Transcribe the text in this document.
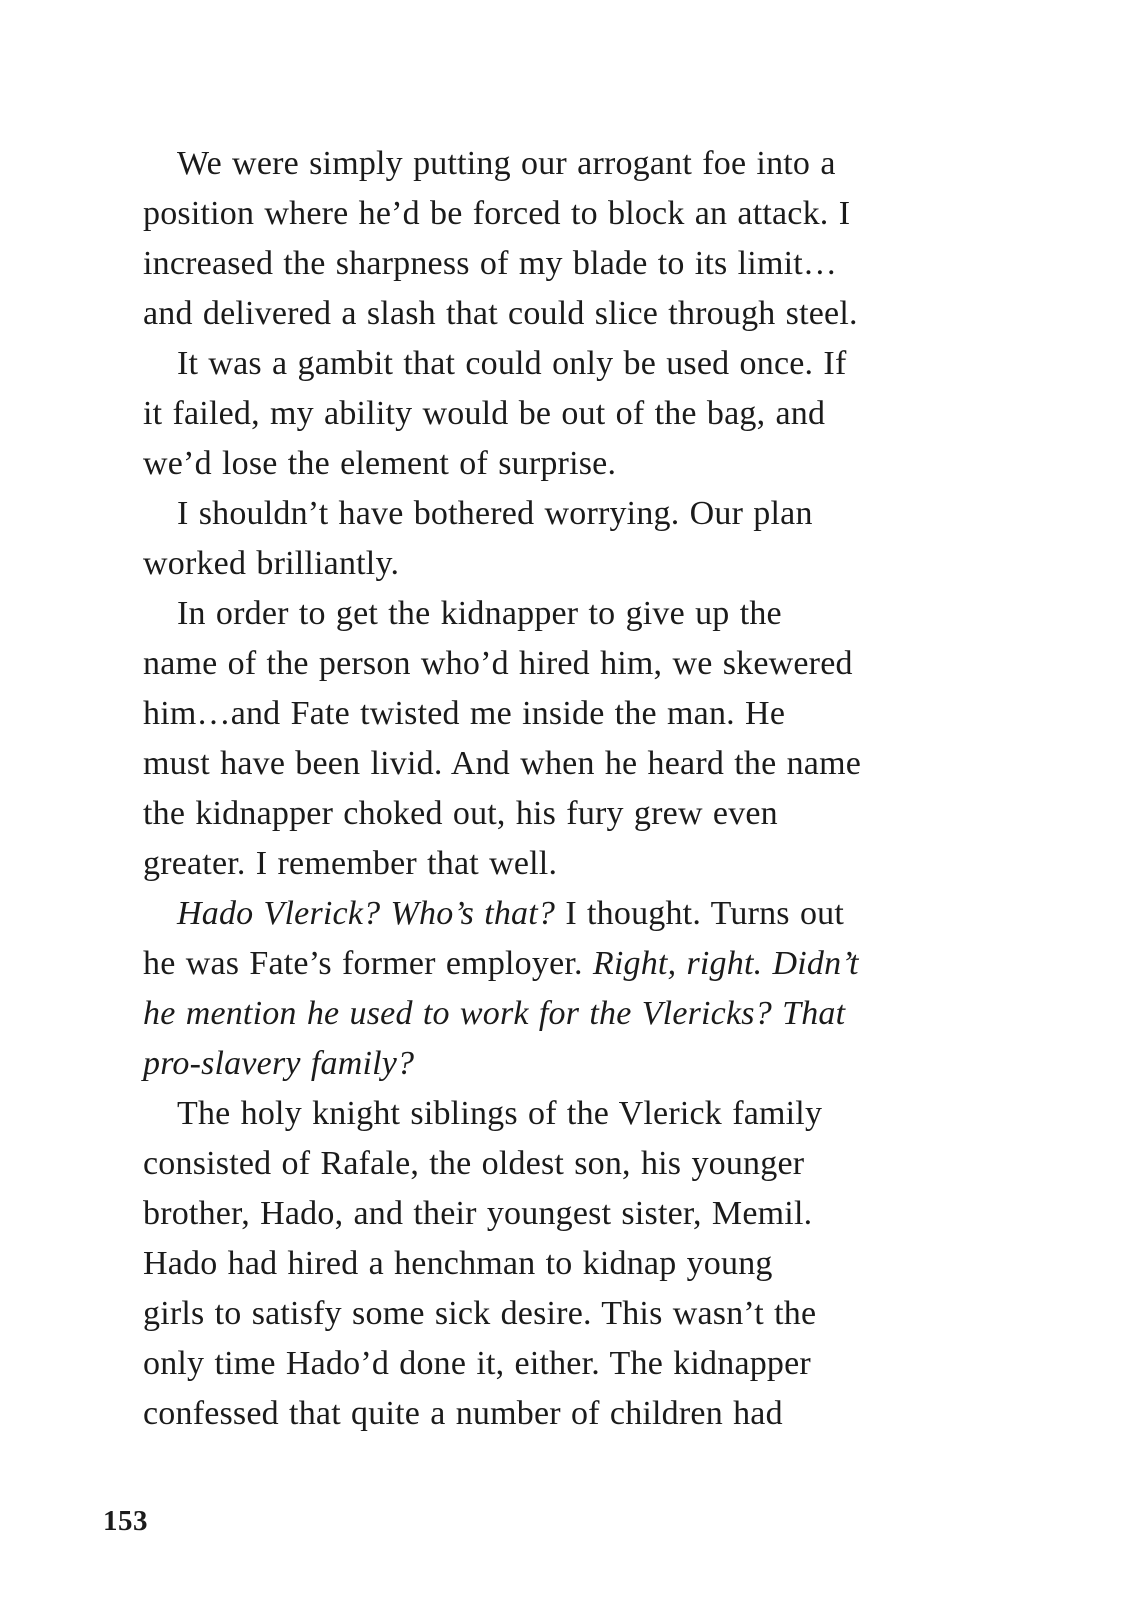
We were simply putting our arrogant foe into a
position where he’d be forced to block an attack. I
increased the sharpness of my blade to its limit…
and delivered a slash that could slice through steel.

It was a gambit that could only be used once. If
it failed, my ability would be out of the bag, and
we’d lose the element of surprise.

I shouldn’t have bothered worrying. Our plan
worked brilliantly.

In order to get the kidnapper to give up the
name of the person who’d hired him, we skewered
him…and Fate twisted me inside the man. He
must have been livid. And when he heard the name
the kidnapper choked out, his fury grew even
greater. I remember that well.

Hado Vlerick? Who’s that? I thought. Turns out
he was Fate’s former employer. Right, right. Didn’t
he mention he used to work for the Vlericks? That
pro-slavery family?

The holy knight siblings of the Vlerick family
consisted of Rafale, the oldest son, his younger
brother, Hado, and their youngest sister, Memil.
Hado had hired a henchman to kidnap young
girls to satisfy some sick desire. This wasn’t the
only time Hado’d done it, either. The kidnapper
confessed that quite a number of children had

153
